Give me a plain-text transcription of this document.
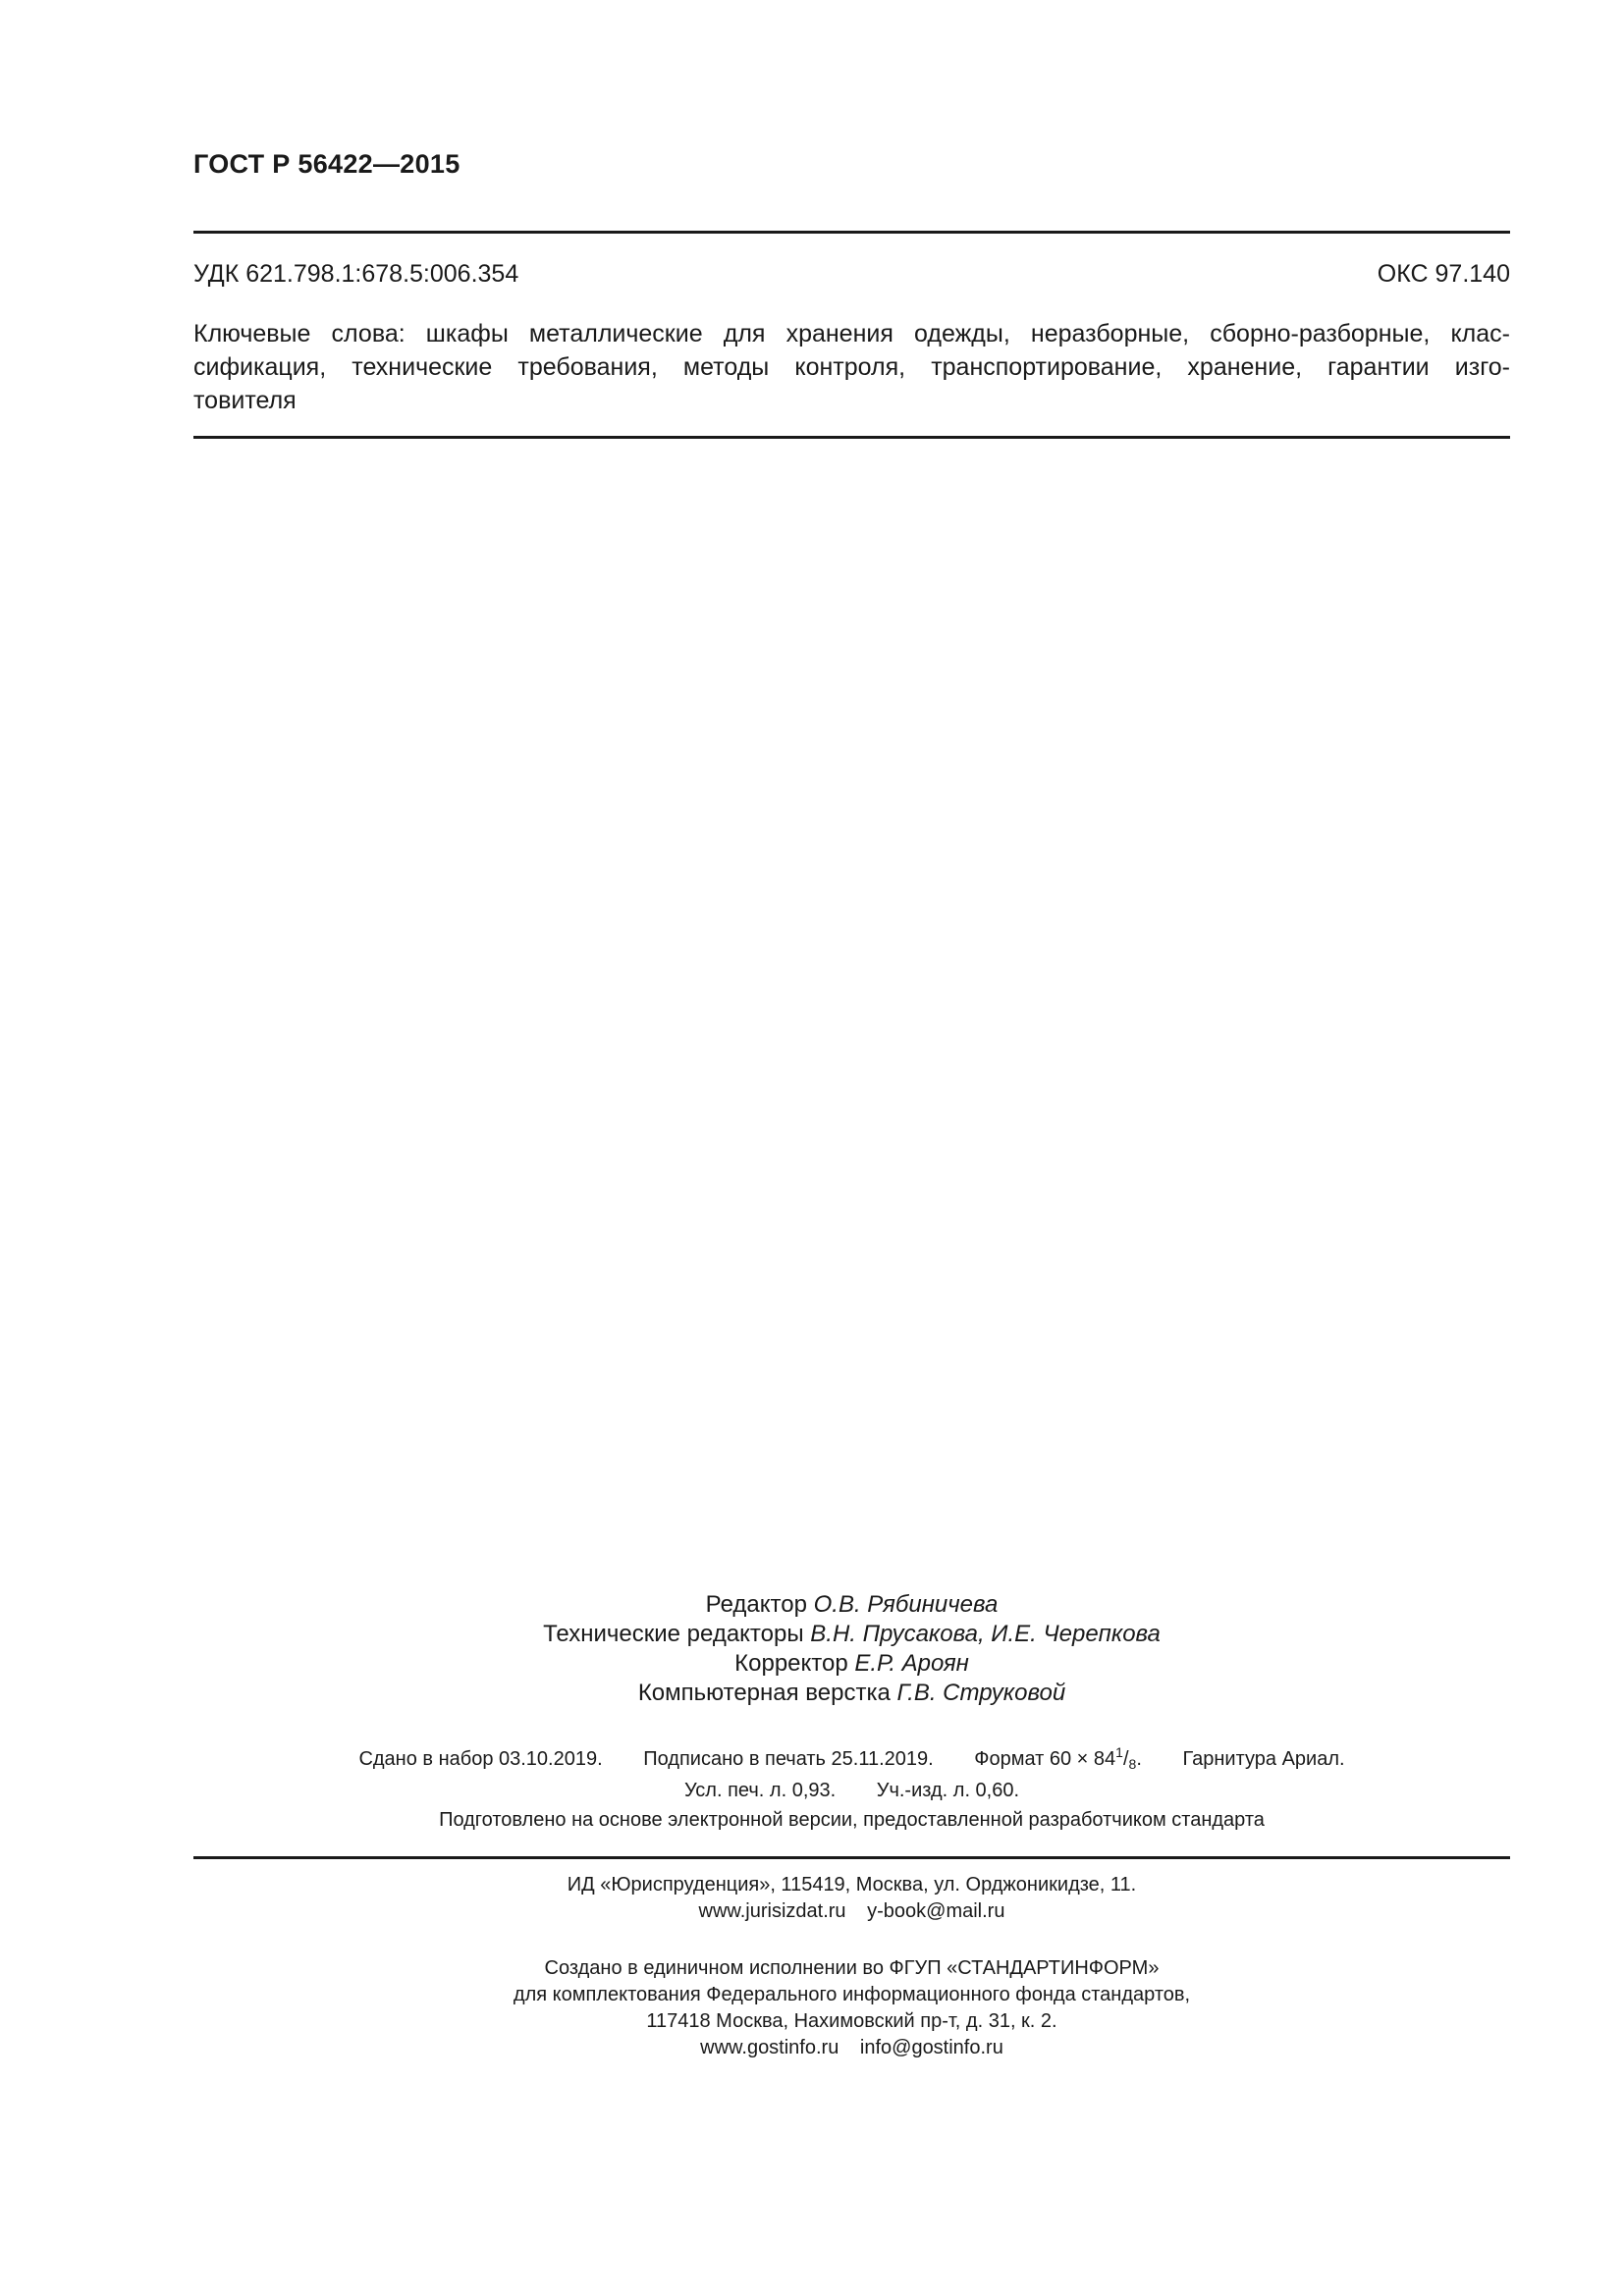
ГОСТ Р 56422—2015
УДК 621.798.1:678.5:006.354	ОКС 97.140
Ключевые слова: шкафы металлические для хранения одежды, неразборные, сборно-разборные, клас-
сификация, технические требования, методы контроля, транспортирование, хранение, гарантии изго-
товителя
Редактор О.В. Рябиничева
Технические редакторы В.Н. Прусакова, И.Е. Черепкова
Корректор Е.Р. Ароян
Компьютерная верстка Г.В. Струковой
Сдано в набор 03.10.2019. Подписано в печать 25.11.2019. Формат $60 \times 84^1/_8$. Гарнитура Ариал.
Усл. печ. л. 0,93. Уч.-изд. л. 0,60.
Подготовлено на основе электронной версии, предоставленной разработчиком стандарта
ИД «Юриспруденция», 115419, Москва, ул. Орджоникидзе, 11.
www.jurisizdat.ru y-book@mail.ru
Создано в единичном исполнении во ФГУП «СТАНДАРТИНФОРМ»
для комплектования Федерального информационного фонда стандартов,
117418 Москва, Нахимовский пр-т, д. 31, к. 2.
www.gostinfo.ru info@gostinfo.ru
